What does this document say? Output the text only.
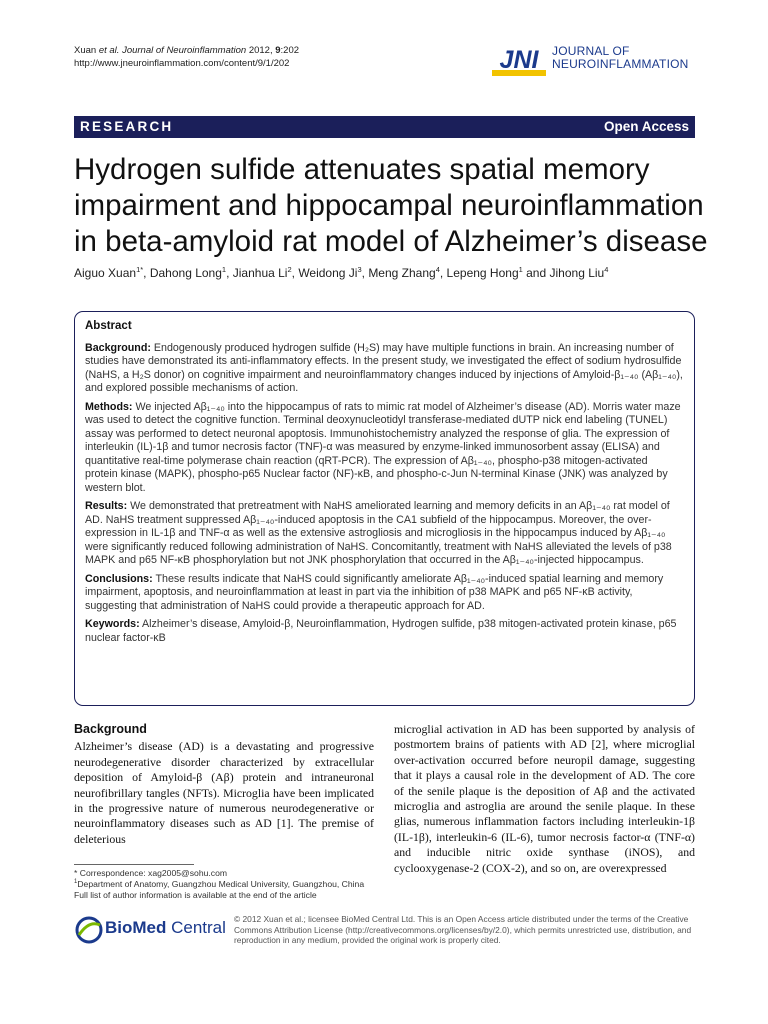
Xuan et al. Journal of Neuroinflammation 2012, 9:202
http://www.jneuroinflammation.com/content/9/1/202	JNI JOURNAL OF
NEUROINFLAMMATION
RESEARCH	Open Access
Hydrogen sulfide attenuates spatial memory impairment and hippocampal neuroinflammation in beta-amyloid rat model of Alzheimer’s disease
Aiguo Xuan$^{1*}$, Dahong Long$^1$, Jianhua Li$^2$, Weidong Ji$^3$, Meng Zhang$^4$, Lepeng Hong$^1$ and Jihong Liu$^4$

Abstract

Background: Endogenously produced hydrogen sulfide (H₂S) may have multiple functions in brain. An increasing number of studies have demonstrated its anti-inflammatory effects. In the present study, we investigated the effect of sodium hydrosulfide (NaHS, a H₂S donor) on cognitive impairment and neuroinflammatory changes induced by injections of Amyloid-β₁₋₄₀ (Aβ₁₋₄₀), and explored possible mechanisms of action.

Methods: We injected Aβ₁₋₄₀ into the hippocampus of rats to mimic rat model of Alzheimer’s disease (AD). Morris water maze was used to detect the cognitive function. Terminal deoxynucleotidyl transferase-mediated dUTP nick end labeling (TUNEL) assay was performed to detect neuronal apoptosis. Immunohistochemistry analyzed the response of glia. The expression of interleukin (IL)-1β and tumor necrosis factor (TNF)-α was measured by enzyme-linked immunosorbent assay (ELISA) and quantitative real-time polymerase chain reaction (qRT-PCR). The expression of Aβ₁₋₄₀, phospho-p38 mitogen-activated protein kinase (MAPK), phospho-p65 Nuclear factor (NF)-κB, and phospho-c-Jun N-terminal Kinase (JNK) was analyzed by western blot.

Results: We demonstrated that pretreatment with NaHS ameliorated learning and memory deficits in an Aβ₁₋₄₀ rat model of AD. NaHS treatment suppressed Aβ₁₋₄₀-induced apoptosis in the CA1 subfield of the hippocampus. Moreover, the over-expression in IL-1β and TNF-α as well as the extensive astrogliosis and microgliosis in the hippocampus induced by Aβ₁₋₄₀ were significantly reduced following administration of NaHS. Concomitantly, treatment with NaHS alleviated the levels of p38 MAPK and p65 NF-κB phosphorylation but not JNK phosphorylation that occurred in the Aβ₁₋₄₀-injected hippocampus.

Conclusions: These results indicate that NaHS could significantly ameliorate Aβ₁₋₄₀-induced spatial learning and memory impairment, apoptosis, and neuroinflammation at least in part via the inhibition of p38 MAPK and p65 NF-κB activity, suggesting that administration of NaHS could provide a therapeutic approach for AD.

Keywords: Alzheimer’s disease, Amyloid-β, Neuroinflammation, Hydrogen sulfide, p38 mitogen-activated protein kinase, p65 nuclear factor-κB

Background
Alzheimer’s disease (AD) is a devastating and progressive neurodegenerative disorder characterized by extracellular deposition of Amyloid-β (Aβ) protein and intraneuronal neurofibrillary tangles (NFTs). Microglia have been implicated in the progressive nature of numerous neurodegenerative or neuroinflammatory diseases such as AD [1]. The premise of deleterious
microglial activation in AD has been supported by analysis of postmortem brains of patients with AD [2], where microglial over-activation occurred before neuropil damage, suggesting that it plays a causal role in the development of AD. The core of the senile plaque is the deposition of Aβ and the activated microglia and astroglia are around the senile plaque. In these glias, numerous inflammation factors including interleukin-1β (IL-1β), interleukin-6 (IL-6), tumor necrosis factor-α (TNF-α) and inducible nitric oxide synthase (iNOS), and cyclooxygenase-2 (COX-2), and so on, are overexpressed
* Correspondence: xag2005@sohu.com
$^1$Department of Anatomy, Guangzhou Medical University, Guangzhou, China
Full list of author information is available at the end of the article
BioMed Central © 2012 Xuan et al.; licensee BioMed Central Ltd. This is an Open Access article distributed under the terms of the Creative Commons Attribution License (http://creativecommons.org/licenses/by/2.0), which permits unrestricted use, distribution, and reproduction in any medium, provided the original work is properly cited.
